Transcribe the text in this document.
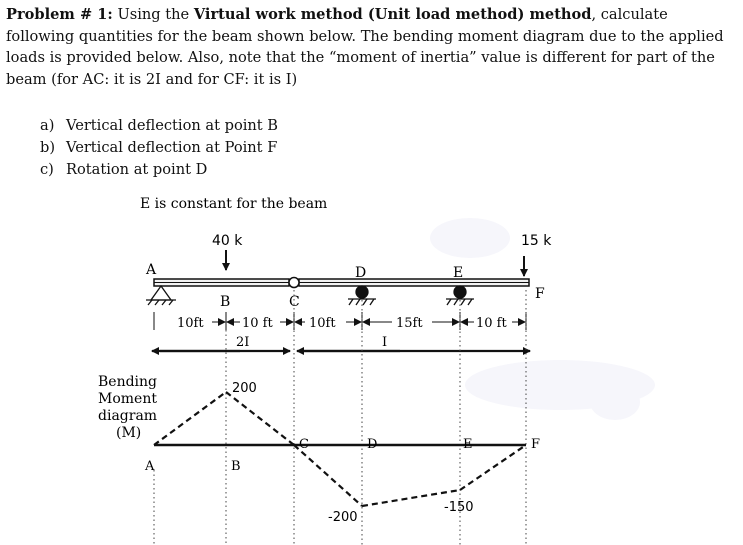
Problem # 1: Using the Virtual work method (Unit load method) method, calculate following quantities for the beam shown below. The bending moment diagram due to the applied loads is provided below. Also, note that the “moment of inertia” value is different for part of the beam (for AC: it is 2I and for CF: it is I)
a) Vertical deflection at point B
b) Vertical deflection at Point F
c) Rotation at point D
E is constant for the beam
40 k	15 k
A
B	C
D	E
F
10ft	10 ft	10ft	15ft	10 ft
2I	I
Bending
Moment
diagram
(M)
A	B
C	D	E	F
200
-200
-150
